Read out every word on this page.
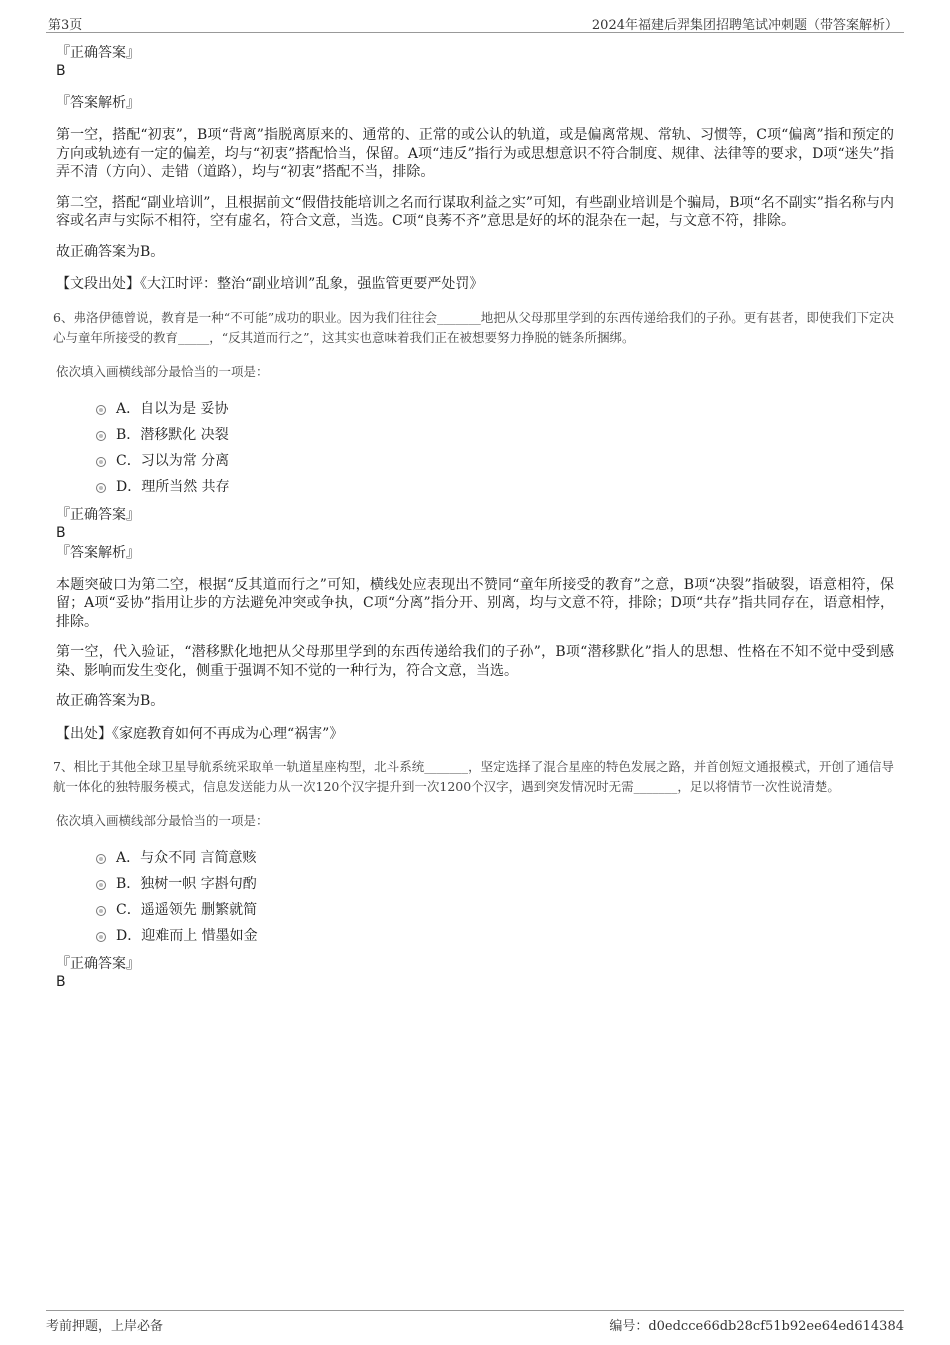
第3页	2024年福建后羿集团招聘笔试冲刺题（带答案解析）

『正确答案』

B

『答案解析』

第一空，搭配“初衷”，B项“背离”指脱离原来的、通常的、正常的或公认的轨道，或是偏离常规、常轨、习惯等，C项“偏离”指和预定的方向或轨迹有一定的偏差，均与“初衷”搭配恰当，保留。A项“违反”指行为或思想意识不符合制度、规律、法律等的要求，D项“迷失”指弄不清（方向）、走错（道路），均与“初衷”搭配不当，排除。

第二空，搭配“副业培训”，且根据前文“假借技能培训之名而行谋取利益之实”可知，有些副业培训是个骗局，B项“名不副实”指名称与内容或名声与实际不相符，空有虚名，符合文意，当选。C项“良莠不齐”意思是好的坏的混杂在一起，与文意不符，排除。

故正确答案为B。

【文段出处】《大江时评：整治“副业培训”乱象，强监管更要严处罚》

6、弗洛伊德曾说，教育是一种“不可能”成功的职业。因为我们往往会_______地把从父母那里学到的东西传递给我们的子孙。更有甚者，即使我们下定决心与童年所接受的教育_____，“反其道而行之”，这其实也意味着我们正在被想要努力挣脱的链条所捆绑。

依次填入画横线部分最恰当的一项是：

A．自以为是 妥协
B．潜移默化 决裂
C．习以为常 分离
D．理所当然 共存

『正确答案』

B

『答案解析』

本题突破口为第二空，根据“反其道而行之”可知，横线处应表现出不赞同“童年所接受的教育”之意，B项“决裂”指破裂，语意相符，保留；A项“妥协”指用让步的方法避免冲突或争执，C项“分离”指分开、别离，均与文意不符，排除；D项“共存”指共同存在，语意相悖，排除。

第一空，代入验证，“潜移默化地把从父母那里学到的东西传递给我们的子孙”，B项“潜移默化”指人的思想、性格在不知不觉中受到感染、影响而发生变化，侧重于强调不知不觉的一种行为，符合文意，当选。

故正确答案为B。

【出处】《家庭教育如何不再成为心理“祸害”》

7、相比于其他全球卫星导航系统采取单一轨道星座构型，北斗系统_______，坚定选择了混合星座的特色发展之路，并首创短文通报模式，开创了通信导航一体化的独特服务模式，信息发送能力从一次120个汉字提升到一次1200个汉字，遇到突发情况时无需_______，足以将情节一次性说清楚。

依次填入画横线部分最恰当的一项是：

A．与众不同 言简意赅
B．独树一帜 字斟句酌
C．遥遥领先 删繁就简
D．迎难而上 惜墨如金

『正确答案』

B

考前押题，上岸必备	编号：d0edcce66db28cf51b92ee64ed614384
